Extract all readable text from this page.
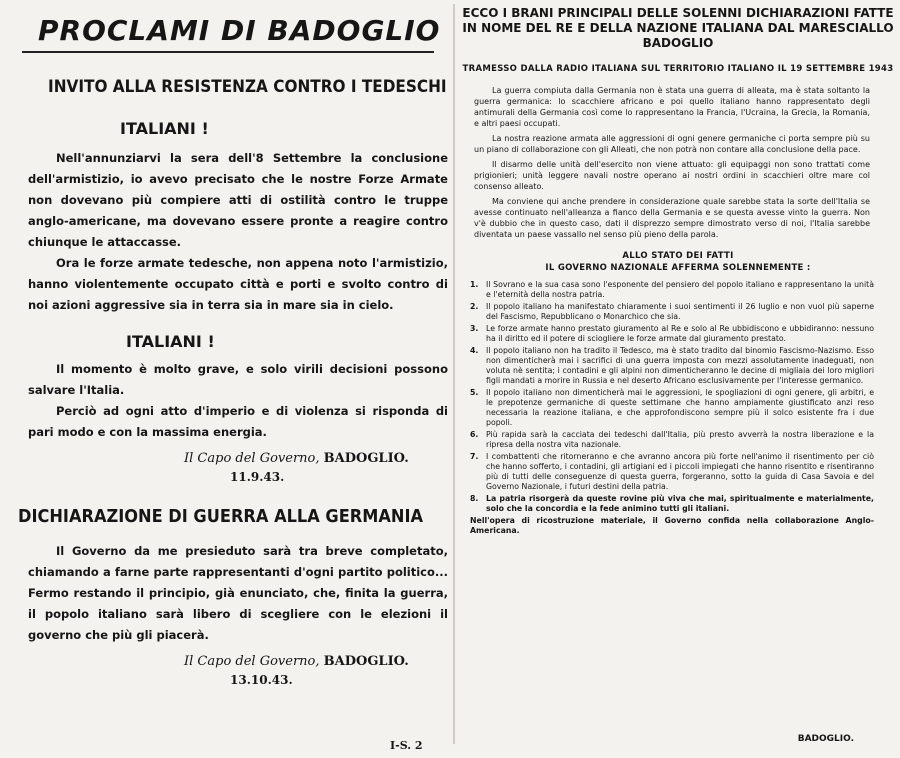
PROCLAMI DI BADOGLIO
INVITO ALLA RESISTENZA CONTRO I TEDESCHI
ITALIANI !

Nell'annunziarvi la sera dell'8 Settembre la conclusione dell'armistizio, io avevo precisato che le nostre Forze Armate non dovevano più compiere atti di ostilità contro le truppe anglo-americane, ma dovevano essere pronte a reagire contro chiunque le attaccasse.

Ora le forze armate tedesche, non appena noto l'armistizio, hanno violentemente occupato città e porti e svolto contro di noi azioni aggressive sia in terra sia in mare sia in cielo.

ITALIANI !

Il momento è molto grave, e solo virili decisioni possono salvare l'Italia.

Perciò ad ogni atto d'imperio e di violenza si risponda di pari modo e con la massima energia.

Il Capo del Governo, BADOGLIO.
11.9.43.
DICHIARAZIONE DI GUERRA ALLA GERMANIA

Il Governo da me presieduto sarà tra breve completato, chiamando a farne parte rappresentanti d'ogni partito politico... Fermo restando il principio, già enunciato, che, finita la guerra, il popolo italiano sarà libero di scegliere con le elezioni il governo che più gli piacerà.

Il Capo del Governo, BADOGLIO.
13.10.43.
I-S. 2
ECCO I BRANI PRINCIPALI DELLE SOLENNI DICHIARAZIONI FATTE IN NOME DEL RE E DELLA NAZIONE ITALIANA DAL MARESCIALLO BADOGLIO
TRAMESSO DALLA RADIO ITALIANA SUL TERRITORIO ITALIANO IL 19 SETTEMBRE 1943

La guerra compiuta dalla Germania non è stata una guerra di alleata, ma è stata soltanto la guerra germanica: lo scacchiere africano e poi quello italiano hanno rappresentato degli antimurali della Germania così come lo rappresentano la Francia, l'Ucraina, la Grecia, la Romania, e altri paesi occupati.

La nostra reazione armata alle aggressioni di ogni genere germaniche ci porta sempre più su un piano di collaborazione con gli Alleati, che non potrà non contare alla conclusione della pace.

Il disarmo delle unità dell'esercito non viene attuato: gli equipaggi non sono trattati come prigionieri; unità leggere navali nostre operano ai nostri ordini in scacchieri oltre mare col consenso alleato.

Ma conviene qui anche prendere in considerazione quale sarebbe stata la sorte dell'Italia se avesse continuato nell'alleanza a fianco della Germania e se questa avesse vinto la guerra. Non v'è dubbio che in questo caso, dati il disprezzo sempre dimostrato verso di noi, l'Italia sarebbe diventata un paese vassallo nel senso più pieno della parola.

ALLO STATO DEI FATTI
IL GOVERNO NAZIONALE AFFERMA SOLENNEMENTE :
1. Il Sovrano e la sua casa sono l'esponente del pensiero del popolo italiano e rappresentano la unità e l'eternità della nostra patria.
2. Il popolo italiano ha manifestato chiaramente i suoi sentimenti il 26 luglio e non vuol più saperne del Fascismo, Repubblicano o Monarchico che sia.
3. Le forze armate hanno prestato giuramento al Re e solo al Re ubbidiscono e ubbidiranno: nessuno ha il diritto ed il potere di sciogliere le forze armate dal giuramento prestato.
4. Il popolo italiano non ha tradito il Tedesco, ma è stato tradito dal binomio Fascismo-Nazismo. Esso non dimenticherà mai i sacrifici di una guerra imposta con mezzi assolutamente inadeguati, non voluta nè sentita; i contadini e gli alpini non dimenticheranno le decine di migliaia dei loro migliori figli mandati a morire in Russia e nel deserto Africano esclusivamente per l'interesse germanico.
5. Il popolo italiano non dimenticherà mai le aggressioni, le spogliazioni di ogni genere, gli arbitri, e le prepotenze germaniche di queste settimane che hanno ampiamente giustificato anzi reso necessaria la reazione italiana, e che approfondiscono sempre più il solco esistente fra i due popoli.
6. Più rapida sarà la cacciata dei tedeschi dall'Italia, più presto avverrà la nostra liberazione e la ripresa della nostra vita nazionale.
7. I combattenti che ritorneranno e che avranno ancora più forte nell'animo il risentimento per ciò che hanno sofferto, i contadini, gli artigiani ed i piccoli impiegati che hanno risentito e risentiranno più di tutti delle conseguenze di questa guerra, forgeranno, sotto la guida di Casa Savoia e del Governo Nazionale, i futuri destini della patria.
8. La patria risorgerà da queste rovine più viva che mai, spiritualmente e materialmente, solo che la concordia e la fede animino tutti gli italiani.
Nell'opera di ricostruzione materiale, il Governo confida nella collaborazione Anglo-Americana.
BADOGLIO.
